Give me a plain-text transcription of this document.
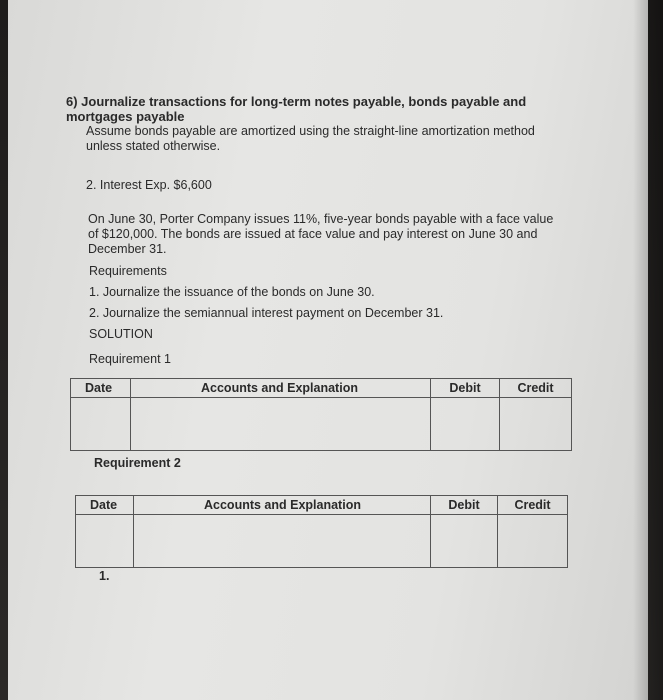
6) Journalize transactions for long-term notes payable, bonds payable and
mortgages payable
Assume bonds payable are amortized using the straight-line amortization method
unless stated otherwise.
2. Interest Exp. $6,600
On June 30, Porter Company issues 11%, five-year bonds payable with a face value
of $120,000. The bonds are issued at face value and pay interest on June 30 and
December 31.
Requirements
1. Journalize the issuance of the bonds on June 30.
2. Journalize the semiannual interest payment on December 31.
SOLUTION
Requirement 1
Date	Accounts and Explanation	Debit	Credit

Requirement 2
Date	Accounts and Explanation	Debit	Credit

1.
